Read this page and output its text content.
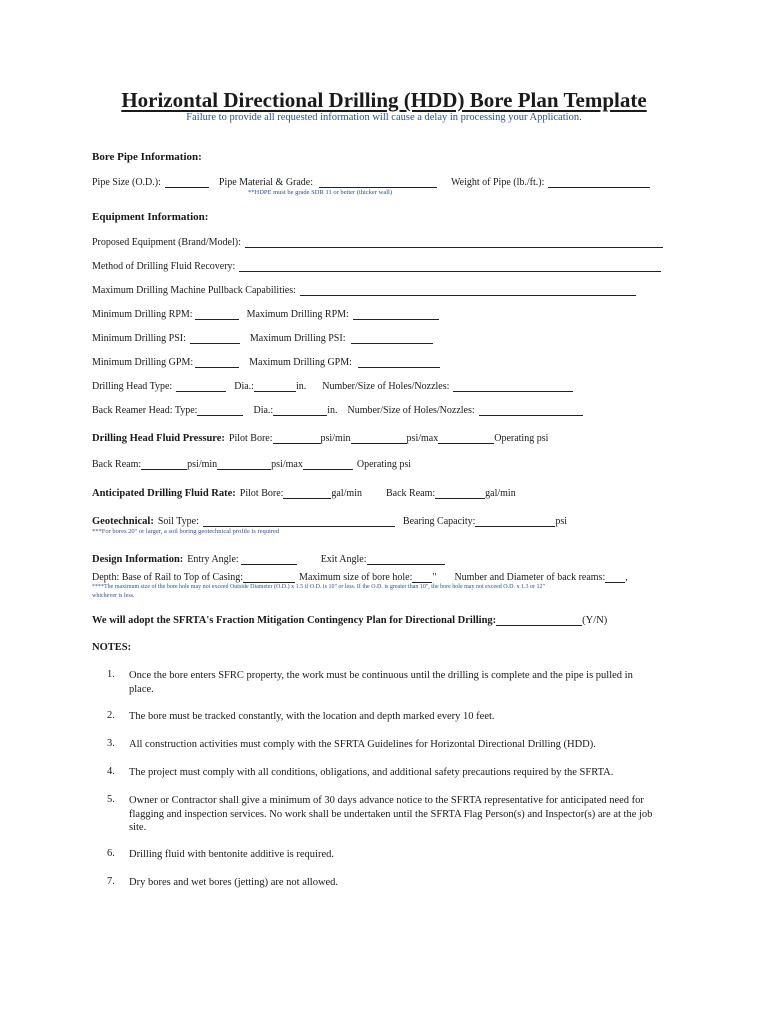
Horizontal Directional Drilling (HDD) Bore Plan Template
Failure to provide all requested information will cause a delay in processing your Application.
Bore Pipe Information:
Pipe Size (O.D.):	Pipe Material & Grade:	Weight of Pipe (lb./ft.):
**HDPE must be grade SDR 11 or better (thicker wall)
Equipment Information:
Proposed Equipment (Brand/Model):
Method of Drilling Fluid Recovery:
Maximum Drilling Machine Pullback Capabilities:
Minimum Drilling RPM:	Maximum Drilling RPM:
Minimum Drilling PSI:	Maximum Drilling PSI:
Minimum Drilling GPM:	Maximum Drilling GPM:
Drilling Head Type:	Dia.:	in. Number/Size of Holes/Nozzles:
Back Reamer Head: Type:	Dia.:	in. Number/Size of Holes/Nozzles:
Drilling Head Fluid Pressure: Pilot Bore:	psi/min	psi/max	Operating psi
Back Ream:	psi/min	psi/max	Operating psi
Anticipated Drilling Fluid Rate: Pilot Bore:	gal/min Back Ream:	gal/min
Geotechnical: Soil Type:	Bearing Capacity:	psi
***For bores 20" or larger, a soil boring geotechnical profile is required
Design Information: Entry Angle:	Exit Angle:
Depth: Base of Rail to Top of Casing:	Maximum size of bore hole: " Number and Diameter of back reams: ,
****The maximum size of the bore hole may not exceed Outside Diameter (O.D.) x 1.5 if O.D. is 10" or less. If the O.D. is greater than 10", the bore hole may not exceed O.D. x 1.3 or 12"
whichever is less.
We will adopt the SFRTA's Fraction Mitigation Contingency Plan for Directional Drilling:	(Y/N)
NOTES:
1. Once the bore enters SFRC property, the work must be continuous until the drilling is complete and the pipe is pulled in place.
2. The bore must be tracked constantly, with the location and depth marked every 10 feet.
3. All construction activities must comply with the SFRTA Guidelines for Horizontal Directional Drilling (HDD).
4. The project must comply with all conditions, obligations, and additional safety precautions required by the SFRTA.
5. Owner or Contractor shall give a minimum of 30 days advance notice to the SFRTA representative for anticipated need for flagging and inspection services. No work shall be undertaken until the SFRTA Flag Person(s) and Inspector(s) are at the job site.
6. Drilling fluid with bentonite additive is required.
7. Dry bores and wet bores (jetting) are not allowed.
